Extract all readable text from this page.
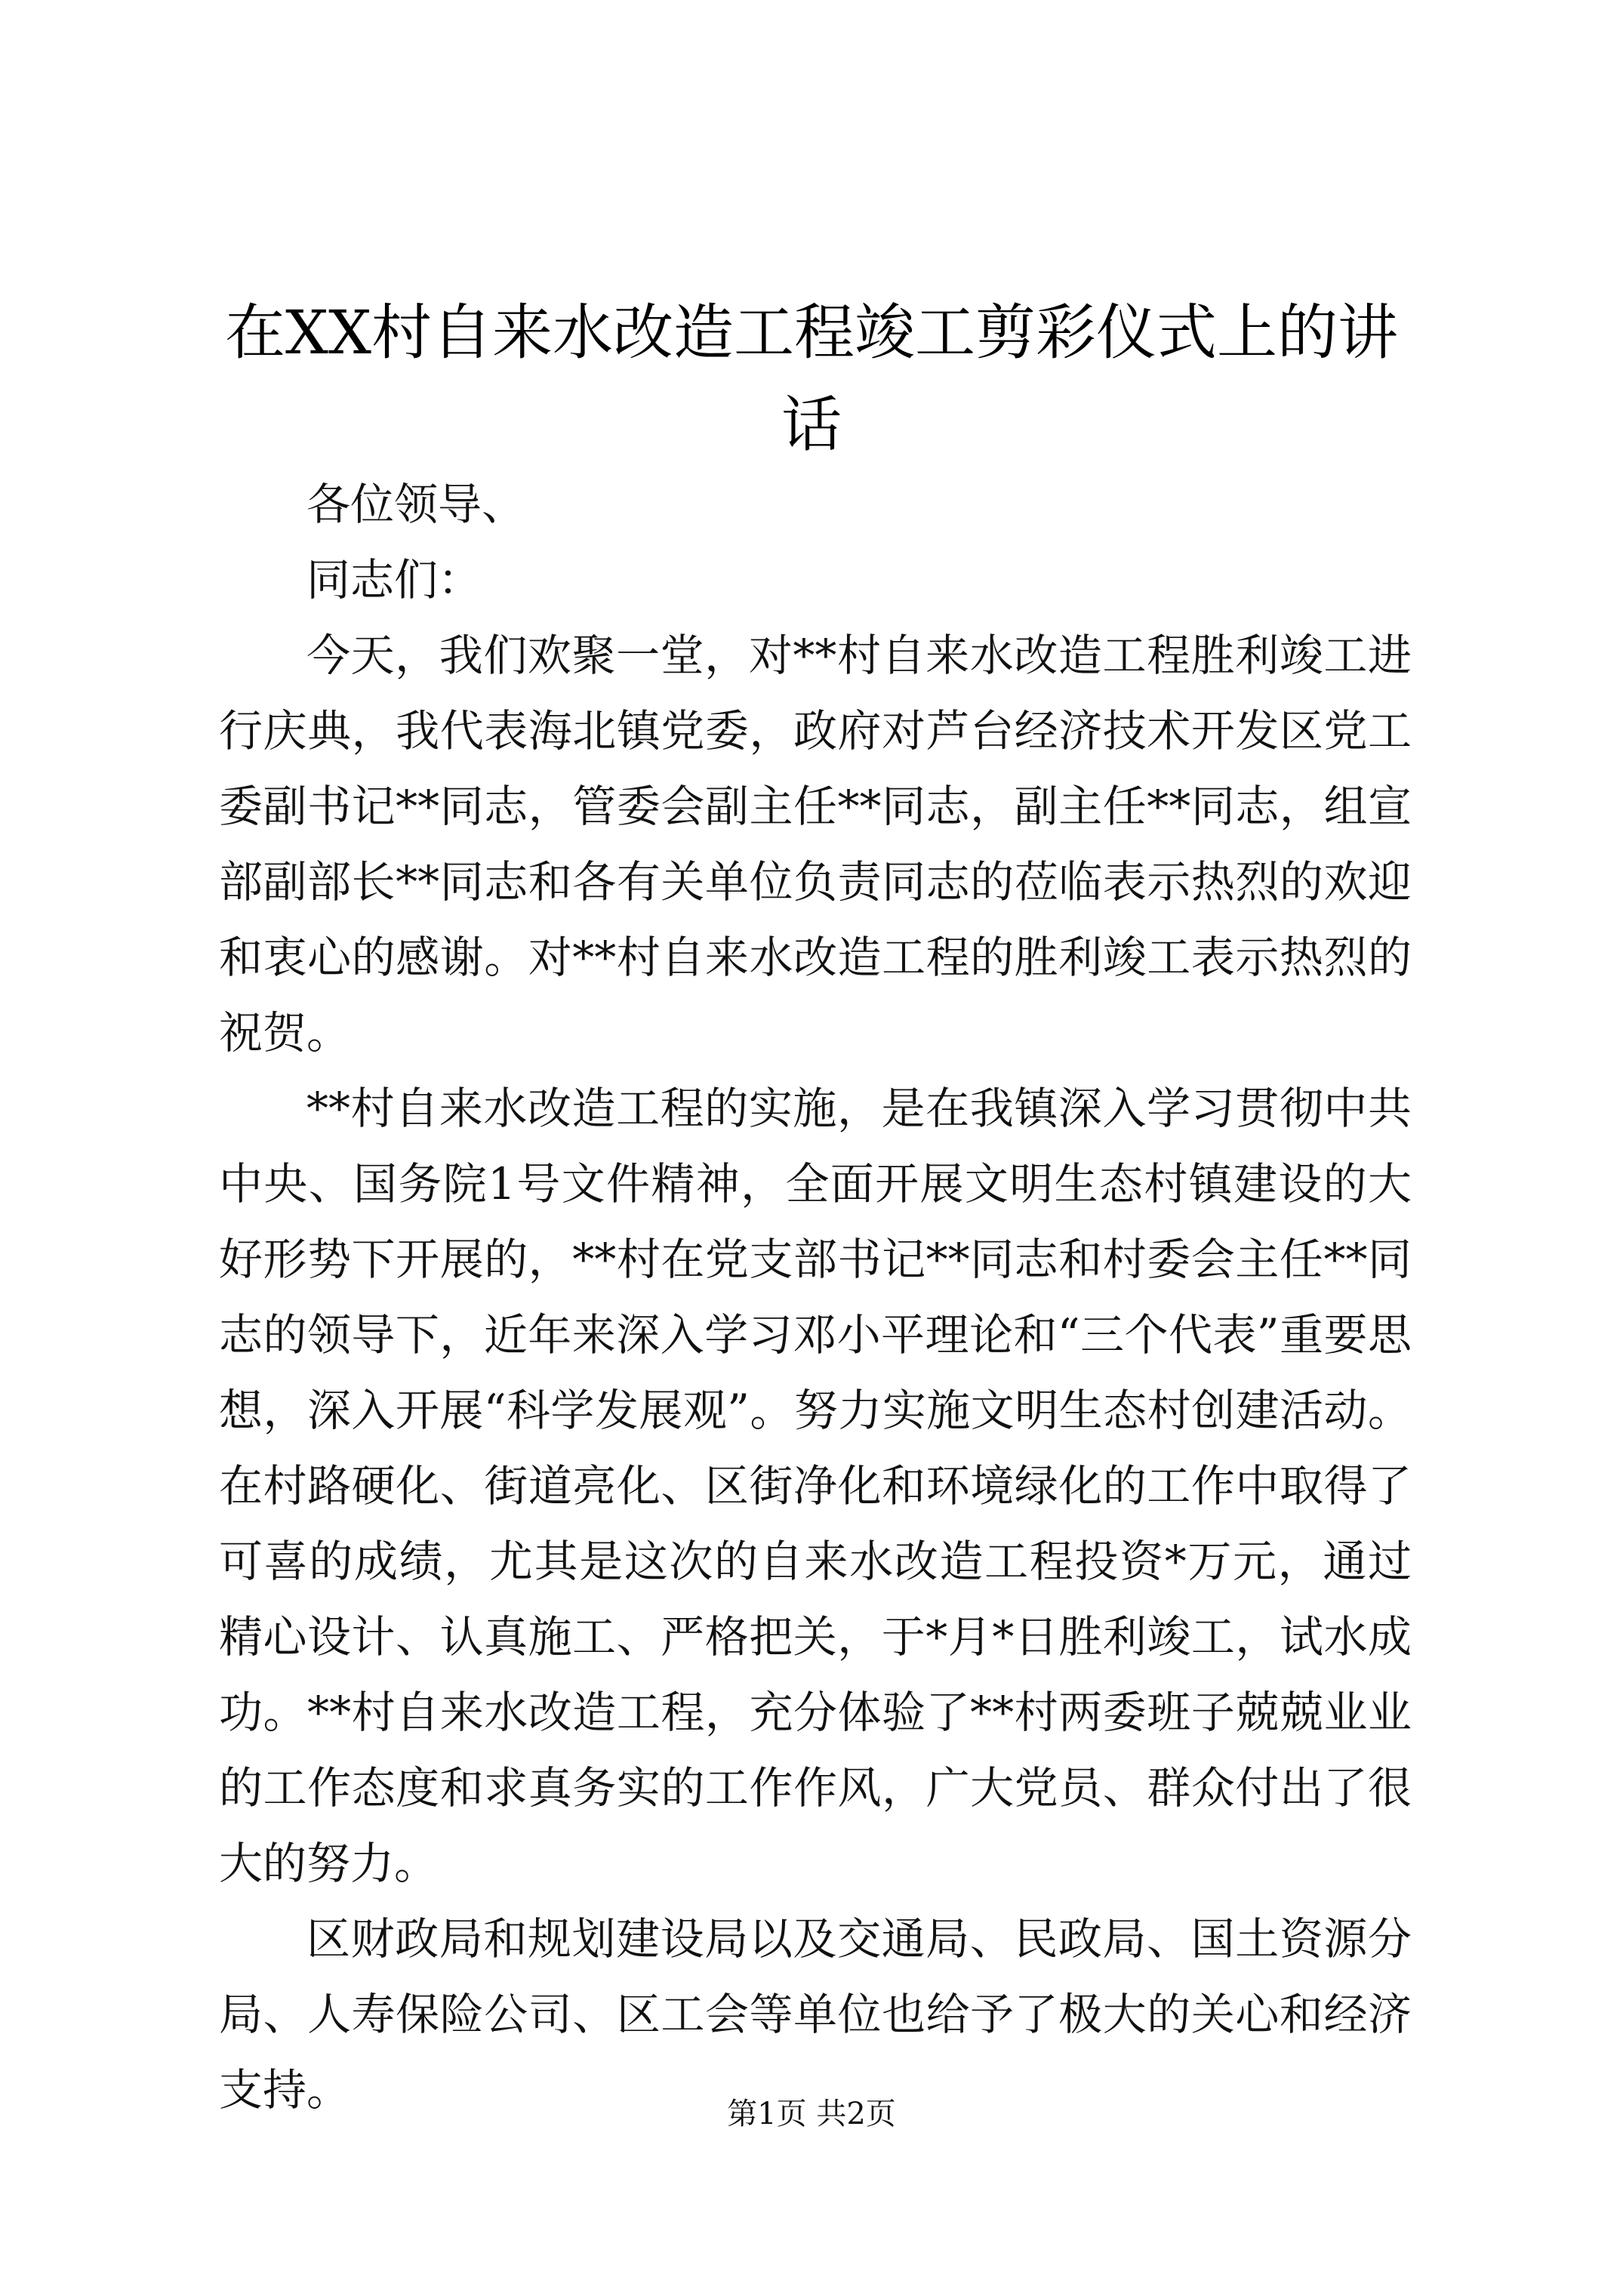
在XX村自来水改造工程竣工剪彩仪式上的讲话

各位领导、

同志们：

今天，我们欢聚一堂，对**村自来水改造工程胜利竣工进行庆典，我代表海北镇党委，政府对芦台经济技术开发区党工委副书记**同志，管委会副主任**同志，副主任**同志，组宣部副部长**同志和各有关单位负责同志的莅临表示热烈的欢迎和衷心的感谢。对**村自来水改造工程的胜利竣工表示热烈的祝贺。

**村自来水改造工程的实施，是在我镇深入学习贯彻中共中央、国务院1号文件精神，全面开展文明生态村镇建设的大好形势下开展的，**村在党支部书记**同志和村委会主任**同志的领导下，近年来深入学习邓小平理论和“三个代表”重要思想，深入开展“科学发展观”。努力实施文明生态村创建活动。在村路硬化、街道亮化、区街净化和环境绿化的工作中取得了可喜的成绩，尤其是这次的自来水改造工程投资*万元，通过精心设计、认真施工、严格把关，于*月*日胜利竣工，试水成功。**村自来水改造工程，充分体验了**村两委班子兢兢业业的工作态度和求真务实的工作作风，广大党员、群众付出了很大的努力。

区财政局和规划建设局以及交通局、民政局、国土资源分局、人寿保险公司、区工会等单位也给予了极大的关心和经济支持。	第1页 共2页
